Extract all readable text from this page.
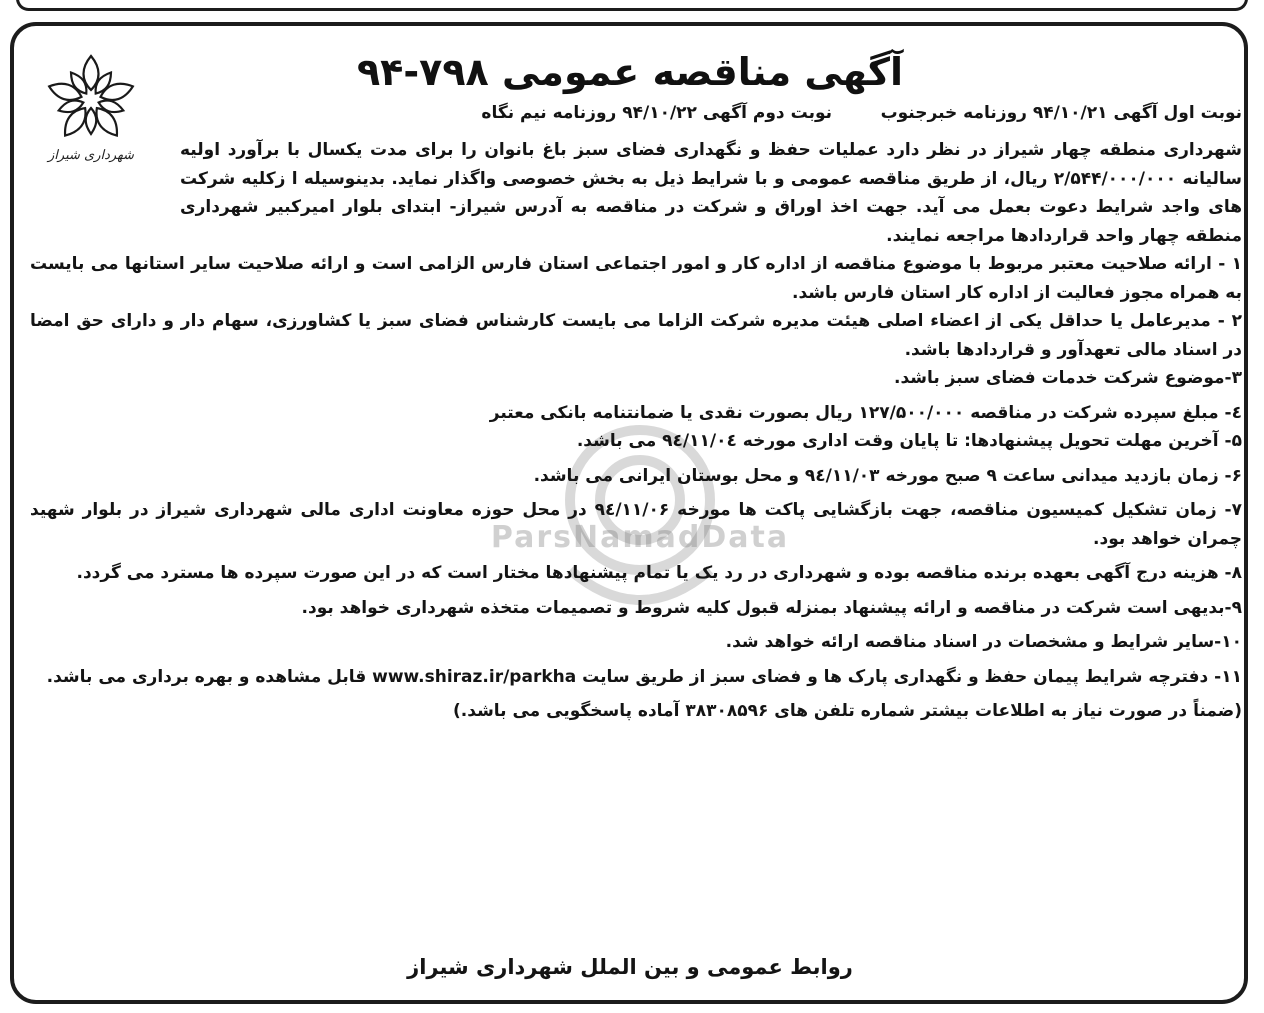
شهرداری شیراز
آگهی مناقصه عمومی ۷۹۸-۹۴
نوبت اول آگهی ۹۴/۱۰/۲۱ روزنامه خبرجنوب
نوبت دوم آگهی ۹۴/۱۰/۲۲ روزنامه نیم نگاه
ParsNamadData

شهرداری منطقه چهار شیراز در نظر دارد عملیات حفظ و نگهداری فضای سبز باغ بانوان را برای مدت یکسال با برآورد اولیه سالیانه ۲/۵۴۴/۰۰۰/۰۰۰ ریال، از طریق مناقصه عمومی و با شرایط ذیل به بخش خصوصی واگذار نماید. بدینوسیله ا زکلیه شرکت های واجد شرایط دعوت بعمل می آید. جهت اخذ اوراق و شرکت در مناقصه به آدرس شیراز- ابتدای بلوار امیرکبیر شهرداری منطقه چهار واحد قراردادها مراجعه نمایند.

۱ - ارائه صلاحیت معتبر مربوط با موضوع مناقصه از اداره کار و امور اجتماعی استان فارس الزامی است و ارائه صلاحیت سایر استانها می بایست به همراه مجوز فعالیت از اداره کار استان فارس باشد.

۲ - مدیرعامل یا حداقل یکی از اعضاء اصلی هیئت مدیره شرکت الزاما می بایست کارشناس فضای سبز یا کشاورزی، سهام دار و دارای حق امضا در اسناد مالی تعهدآور و قراردادها باشد.

۳-موضوع شرکت خدمات فضای سبز باشد.

٤- مبلغ سپرده شرکت در مناقصه ۱۲۷/۵۰۰/۰۰۰ ریال بصورت نقدی یا ضمانتنامه بانکی معتبر

۵- آخرین مهلت تحویل پیشنهادها: تا پایان وقت اداری مورخه ۹٤/۱۱/۰٤ می باشد.

۶- زمان بازدید میدانی ساعت ۹ صبح مورخه ۹٤/۱۱/۰۳ و محل بوستان ایرانی می باشد.

۷- زمان تشکیل کمیسیون مناقصه، جهت بازگشایی پاکت ها مورخه ۹٤/۱۱/۰۶ در محل حوزه معاونت اداری مالی شهرداری شیراز در بلوار شهید چمران خواهد بود.

۸- هزینه درج آگهی بعهده برنده مناقصه بوده و شهرداری در رد یک یا تمام پیشنهادها مختار است که در این صورت سپرده ها مسترد می گردد.

۹-بدیهی است شرکت در مناقصه و ارائه پیشنهاد بمنزله قبول کلیه شروط و تصمیمات متخذه شهرداری خواهد بود.

۱۰-سایر شرایط و مشخصات در اسناد مناقصه ارائه خواهد شد.

۱۱- دفترچه شرایط پیمان حفظ و نگهداری پارک ها و فضای سبز از طریق سایت www.shiraz.ir/parkha قابل مشاهده و بهره برداری می باشد.

(ضمناً در صورت نیاز به اطلاعات بیشتر شماره تلفن های ۳۸۳۰۸۵۹۶ آماده پاسخگویی می باشد.)

روابط عمومی و بین الملل شهرداری شیراز
